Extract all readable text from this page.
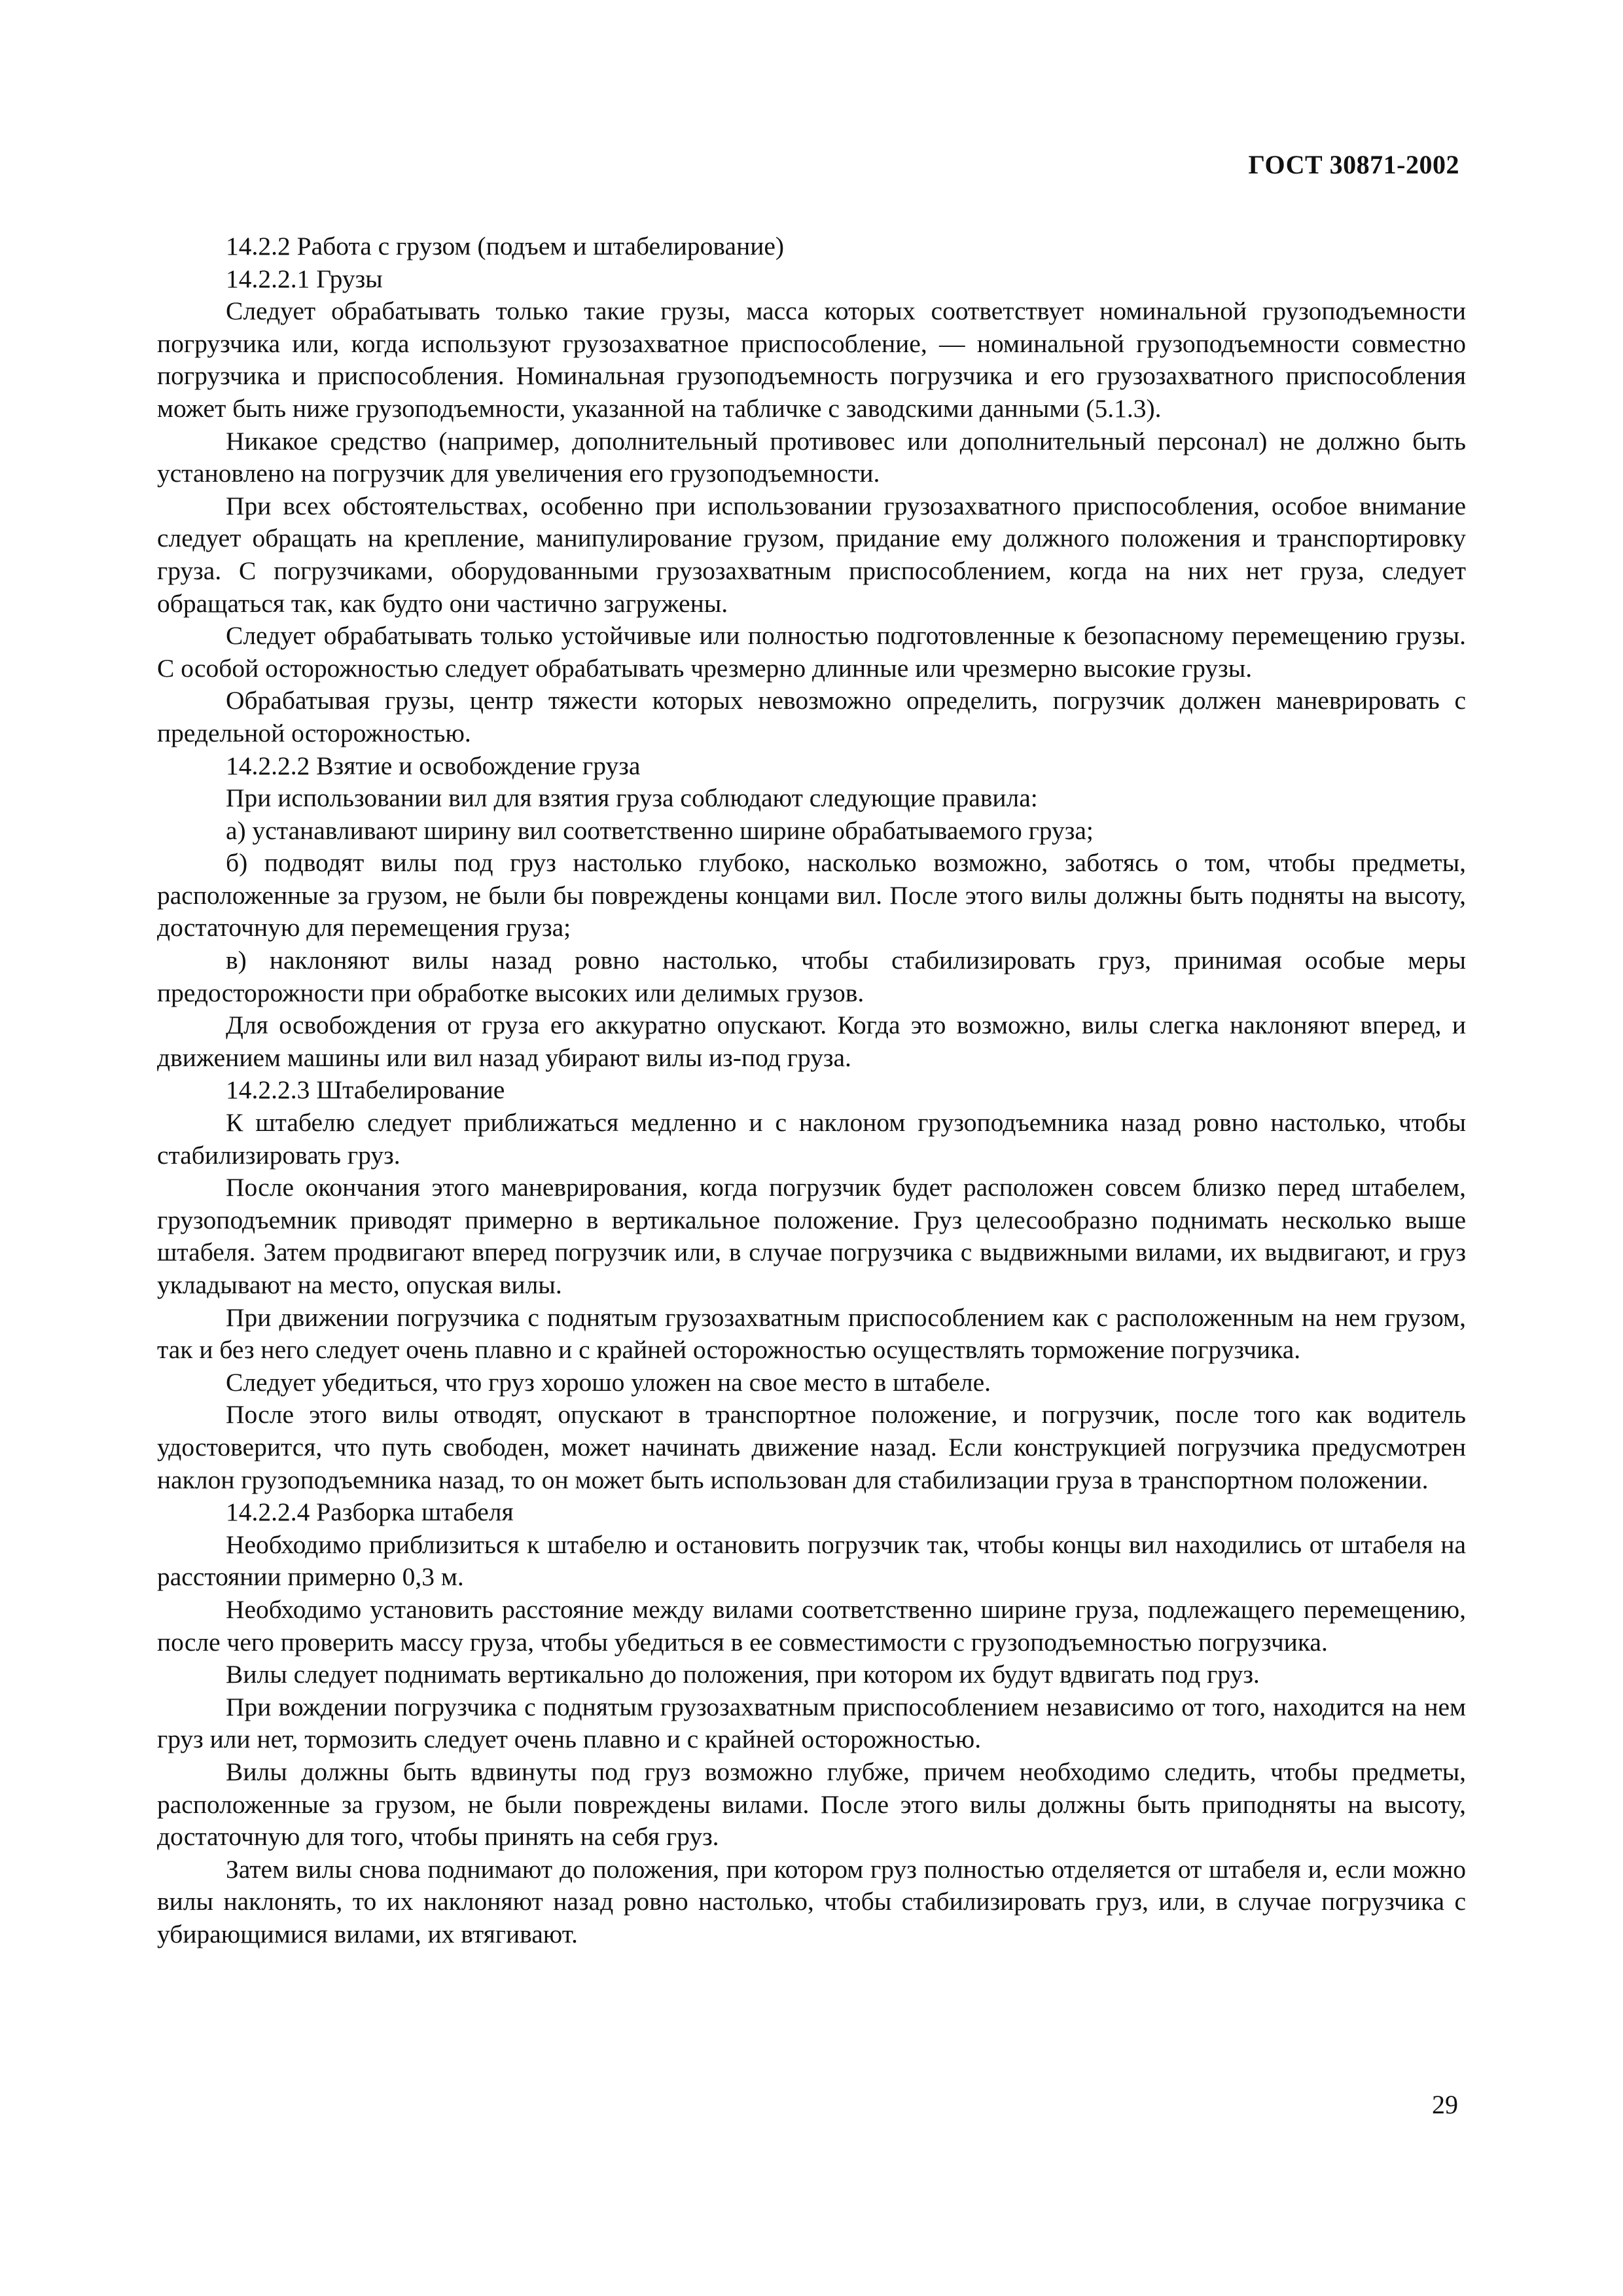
ГОСТ 30871-2002

14.2.2 Работа с грузом (подъем и штабелирование)

14.2.2.1 Грузы

Следует обрабатывать только такие грузы, масса которых соответствует номинальной грузоподъемности погрузчика или, когда используют грузозахватное приспособление, — номинальной грузоподъемности совместно погрузчика и приспособления. Номинальная грузоподъемность погрузчика и его грузозахватного приспособления может быть ниже грузоподъемности, указанной на табличке с заводскими данными (5.1.3).

Никакое средство (например, дополнительный противовес или дополнительный персонал) не должно быть установлено на погрузчик для увеличения его грузоподъемности.

При всех обстоятельствах, особенно при использовании грузозахватного приспособления, особое внимание следует обращать на крепление, манипулирование грузом, придание ему должного положения и транспортировку груза. С погрузчиками, оборудованными грузозахватным приспособлением, когда на них нет груза, следует обращаться так, как будто они частично загружены.

Следует обрабатывать только устойчивые или полностью подготовленные к безопасному перемещению грузы. С особой осторожностью следует обрабатывать чрезмерно длинные или чрезмерно высокие грузы.

Обрабатывая грузы, центр тяжести которых невозможно определить, погрузчик должен маневрировать с предельной осторожностью.

14.2.2.2 Взятие и освобождение груза

При использовании вил для взятия груза соблюдают следующие правила:

а) устанавливают ширину вил соответственно ширине обрабатываемого груза;

б) подводят вилы под груз настолько глубоко, насколько возможно, заботясь о том, чтобы предметы, расположенные за грузом, не были бы повреждены концами вил. После этого вилы должны быть подняты на высоту, достаточную для перемещения груза;

в) наклоняют вилы назад ровно настолько, чтобы стабилизировать груз, принимая особые меры предосторожности при обработке высоких или делимых грузов.

Для освобождения от груза его аккуратно опускают. Когда это возможно, вилы слегка наклоняют вперед, и движением машины или вил назад убирают вилы из-под груза.

14.2.2.3 Штабелирование

К штабелю следует приближаться медленно и с наклоном грузоподъемника назад ровно настолько, чтобы стабилизировать груз.

После окончания этого маневрирования, когда погрузчик будет расположен совсем близко перед штабелем, грузоподъемник приводят примерно в вертикальное положение. Груз целесообразно поднимать несколько выше штабеля. Затем продвигают вперед погрузчик или, в случае погрузчика с выдвижными вилами, их выдвигают, и груз укладывают на место, опуская вилы.

При движении погрузчика с поднятым грузозахватным приспособлением как с расположенным на нем грузом, так и без него следует очень плавно и с крайней осторожностью осуществлять торможение погрузчика.

Следует убедиться, что груз хорошо уложен на свое место в штабеле.

После этого вилы отводят, опускают в транспортное положение, и погрузчик, после того как водитель удостоверится, что путь свободен, может начинать движение назад. Если конструкцией погрузчика предусмотрен наклон грузоподъемника назад, то он может быть использован для стабилизации груза в транспортном положении.

14.2.2.4 Разборка штабеля

Необходимо приблизиться к штабелю и остановить погрузчик так, чтобы концы вил находились от штабеля на расстоянии примерно 0,3 м.

Необходимо установить расстояние между вилами соответственно ширине груза, подлежащего перемещению, после чего проверить массу груза, чтобы убедиться в ее совместимости с грузоподъемностью погрузчика.

Вилы следует поднимать вертикально до положения, при котором их будут вдвигать под груз.

При вождении погрузчика с поднятым грузозахватным приспособлением независимо от того, находится на нем груз или нет, тормозить следует очень плавно и с крайней осторожностью.

Вилы должны быть вдвинуты под груз возможно глубже, причем необходимо следить, чтобы предметы, расположенные за грузом, не были повреждены вилами. После этого вилы должны быть приподняты на высоту, достаточную для того, чтобы принять на себя груз.

Затем вилы снова поднимают до положения, при котором груз полностью отделяется от штабеля и, если можно вилы наклонять, то их наклоняют назад ровно настолько, чтобы стабилизировать груз, или, в случае погрузчика с убирающимися вилами, их втягивают.

29
